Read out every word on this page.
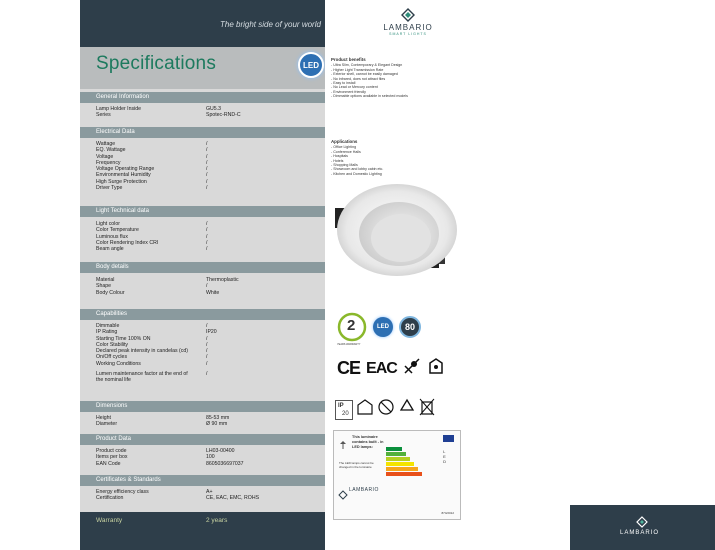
The bright side of your world
Specifications	LED
General Information
Lamp Holder Inside	GU5.3
Series	Spotec-RND-C
Electrical Data
Wattage	/
EQ. Wattage	/
Voltage	/
Frequency	/
Voltage Operating Range	/
Environmental Humidity	/
High Surge Protection	/
Driver Type	/
Light Technical data
Light color	/
Color Temperature	/
Luminous flux	/
Color Rendering Index CRI	/
Beam angle	/
Body details
Material	Thermoplastic
Shape	/
Body Colour	White
Capabilities
Dimmable	/
IP Rating	IP20
Starting Time 100% ON	/
Color Stability	/
Declared peak intensity in candelas (cd)	/
On/Off cycles	/
Working Conditions	/
Lumen maintenance factor at the end of	/
the nominal life
Dimensions
Height	85-53 mm
Diameter	Ø 90 mm
Product Data
Product code	LH03-00400
Items per box	100
EAN Code	8605036697037
Certificates & Standards
Energy efficiency class	A+
Certification	CE, EAC, EMC, ROHS
Warranty	2 years
LAMBARIO
SMART LIGHTS
Product benefits
- Ultra Slim, Contemporary & Elegant Design
- Higher Light Transmission Rate
- Exterior shell, cannot be easily damaged
- No infrared, does not attract flies
- Easy to install
- No Lead or Mercury content
- Environment friendly
- Dimmable options available in selected models
Applications
- Office Lighting
- Conference Halls
- Hospitals
- Hotels
- Shopping Malls
- Showroom and lobby cabin etc.
- Kitchen and Domestic Lighting
2
YEARS WARRANTY
LED	80
CE EAC
IP
20
This luminaire
contains built - in
LED lamps:
L
E
D
The LED lamps cannot be
changed in the luminaire
LAMBARIO
874/2012
LAMBARIO
